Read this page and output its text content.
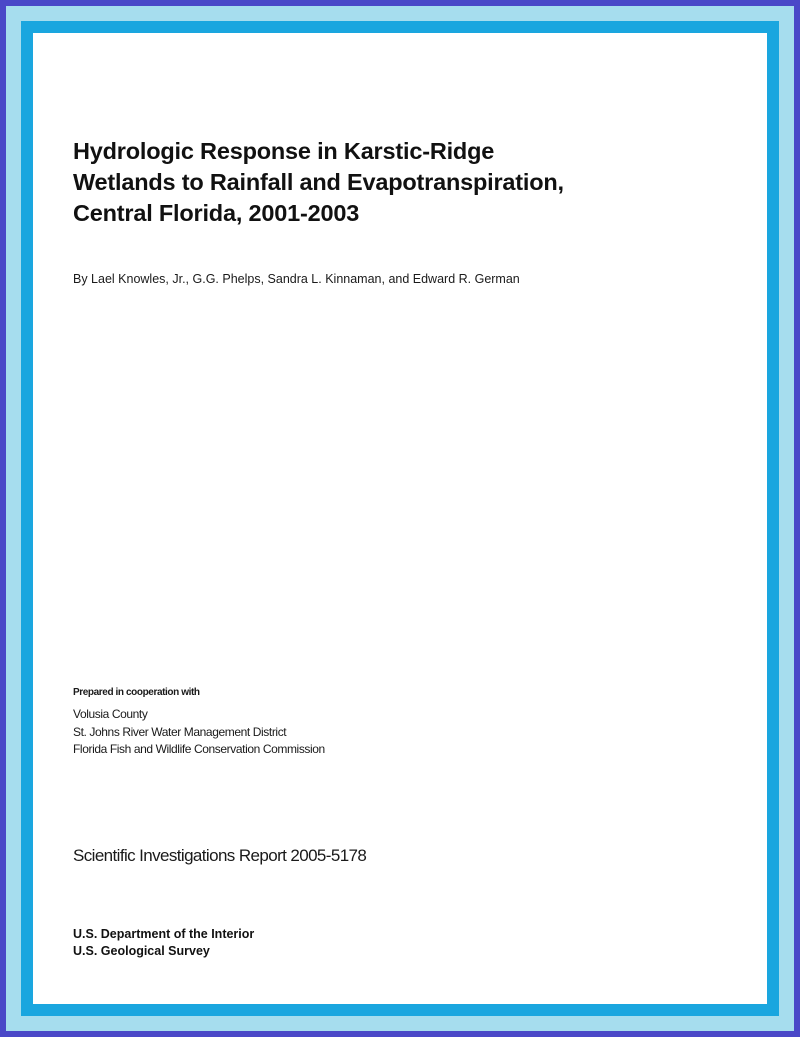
Hydrologic Response in Karstic-Ridge
Wetlands to Rainfall and Evapotranspiration,
Central Florida, 2001-2003
By Lael Knowles, Jr., G.G. Phelps, Sandra L. Kinnaman, and Edward R. German
Prepared in cooperation with
Volusia County
St. Johns River Water Management District
Florida Fish and Wildlife Conservation Commission
Scientific Investigations Report 2005-5178
U.S. Department of the Interior
U.S. Geological Survey
